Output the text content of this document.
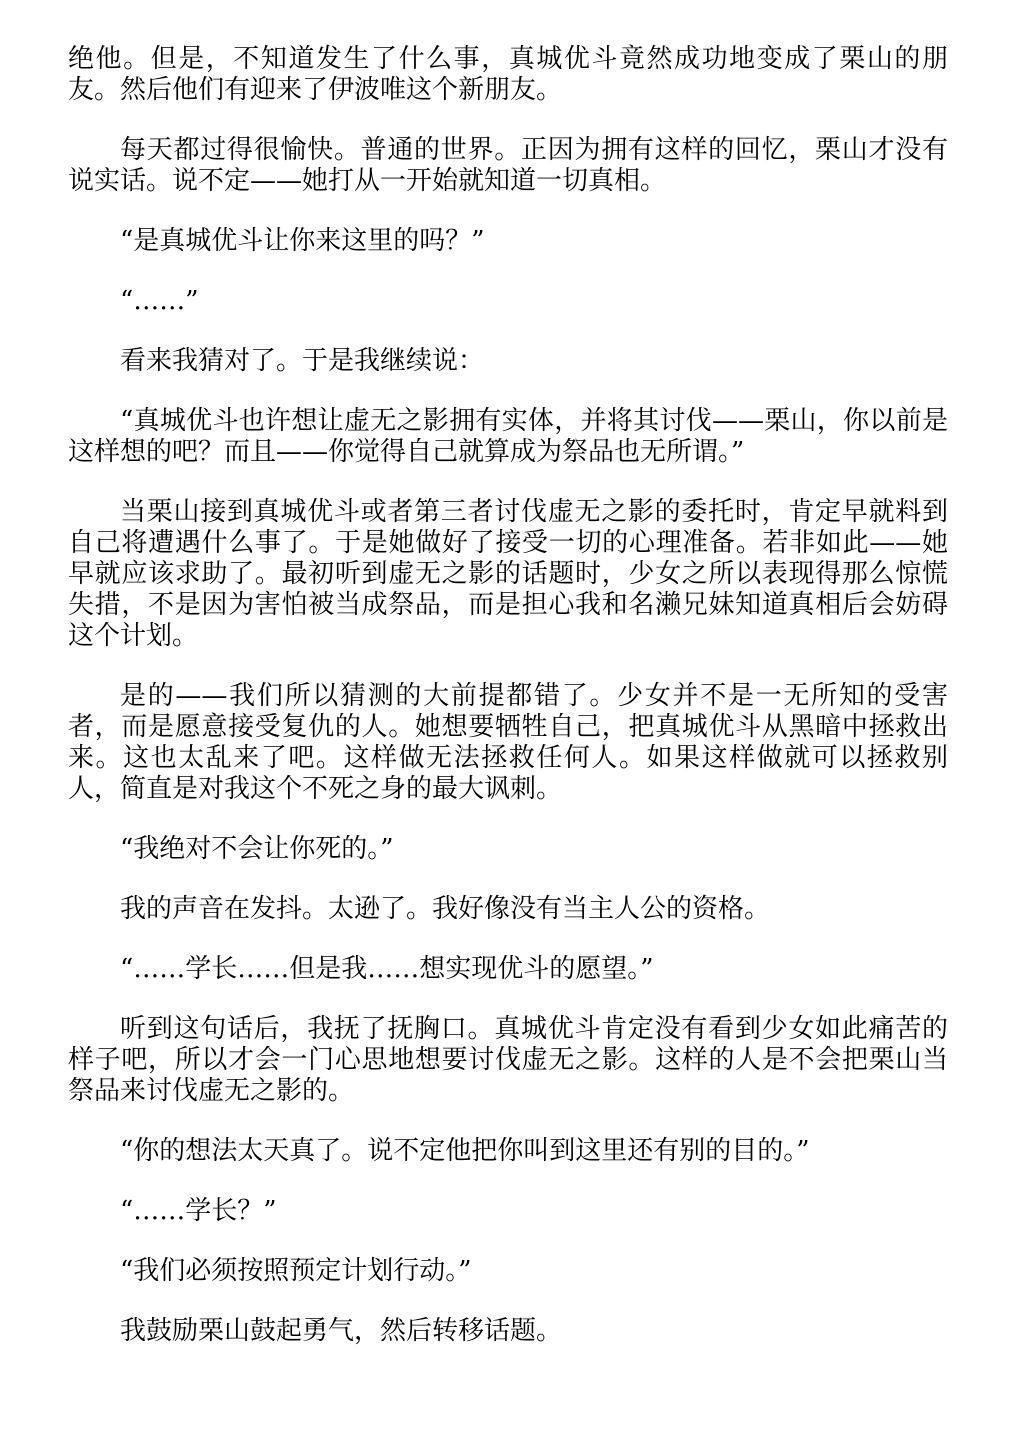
绝他。但是，不知道发生了什么事，真城优斗竟然成功地变成了栗山的朋友。然后他们有迎来了伊波唯这个新朋友。

每天都过得很愉快。普通的世界。正因为拥有这样的回忆，栗山才没有说实话。说不定——她打从一开始就知道一切真相。

“是真城优斗让你来这里的吗？”

“……”

看来我猜对了。于是我继续说：

“真城优斗也许想让虚无之影拥有实体，并将其讨伐——栗山，你以前是这样想的吧？而且——你觉得自己就算成为祭品也无所谓。”

当栗山接到真城优斗或者第三者讨伐虚无之影的委托时，肯定早就料到自己将遭遇什么事了。于是她做好了接受一切的心理准备。若非如此——她早就应该求助了。最初听到虚无之影的话题时，少女之所以表现得那么惊慌失措，不是因为害怕被当成祭品，而是担心我和名濑兄妹知道真相后会妨碍这个计划。

是的——我们所以猜测的大前提都错了。少女并不是一无所知的受害者，而是愿意接受复仇的人。她想要牺牲自己，把真城优斗从黑暗中拯救出来。这也太乱来了吧。这样做无法拯救任何人。如果这样做就可以拯救别人，简直是对我这个不死之身的最大讽刺。

“我绝对不会让你死的。”

我的声音在发抖。太逊了。我好像没有当主人公的资格。

“……学长……但是我……想实现优斗的愿望。”

听到这句话后，我抚了抚胸口。真城优斗肯定没有看到少女如此痛苦的样子吧，所以才会一门心思地想要讨伐虚无之影。这样的人是不会把栗山当祭品来讨伐虚无之影的。

“你的想法太天真了。说不定他把你叫到这里还有别的目的。”

“……学长？”

“我们必须按照预定计划行动。”

我鼓励栗山鼓起勇气，然后转移话题。
